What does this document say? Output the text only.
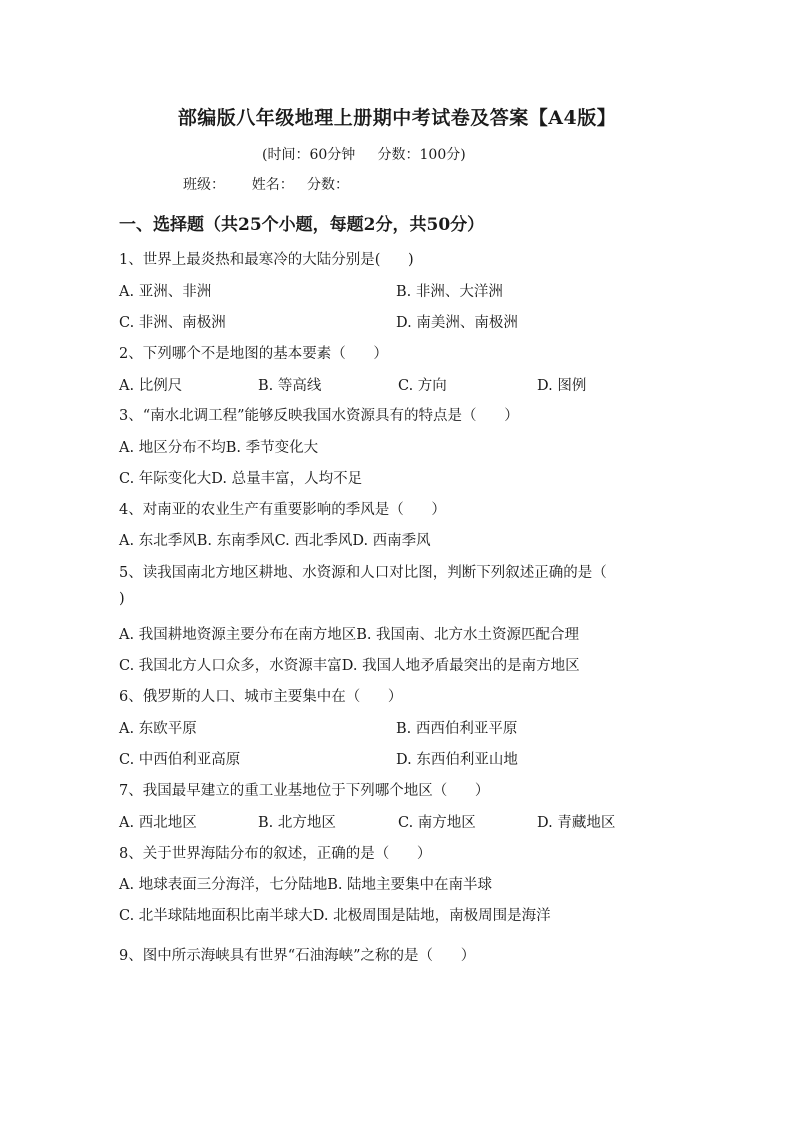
部编版八年级地理上册期中考试卷及答案【A4版】
(时间：60分钟     分数：100分)
班级：      姓名：   分数：
一、选择题（共25个小题，每题2分，共50分）
1、世界上最炎热和最寒冷的大陆分别是(      )
A. 亚洲、非洲	B. 非洲、大洋洲
C. 非洲、南极洲	D. 南美洲、南极洲
2、下列哪个不是地图的基本要素（      ）
A. 比例尺	B. 等高线	C. 方向	D. 图例
3、“南水北调工程”能够反映我国水资源具有的特点是（      ）
A. 地区分布不均B. 季节变化大
C. 年际变化大D. 总量丰富，人均不足
4、对南亚的农业生产有重要影响的季风是（      ）
A. 东北季风B. 东南季风C. 西北季风D. 西南季风
5、读我国南北方地区耕地、水资源和人口对比图，判断下列叙述正确的是（
)
A. 我国耕地资源主要分布在南方地区B. 我国南、北方水土资源匹配合理
C. 我国北方人口众多，水资源丰富D. 我国人地矛盾最突出的是南方地区
6、俄罗斯的人口、城市主要集中在（      ）
A. 东欧平原	B. 西西伯利亚平原
C. 中西伯利亚高原	D. 东西伯利亚山地
7、我国最早建立的重工业基地位于下列哪个地区（      ）
A. 西北地区	B. 北方地区	C. 南方地区	D. 青藏地区
8、关于世界海陆分布的叙述，正确的是（      ）
A. 地球表面三分海洋，七分陆地B. 陆地主要集中在南半球
C. 北半球陆地面积比南半球大D. 北极周围是陆地，南极周围是海洋
9、图中所示海峡具有世界“石油海峡”之称的是（      ）
